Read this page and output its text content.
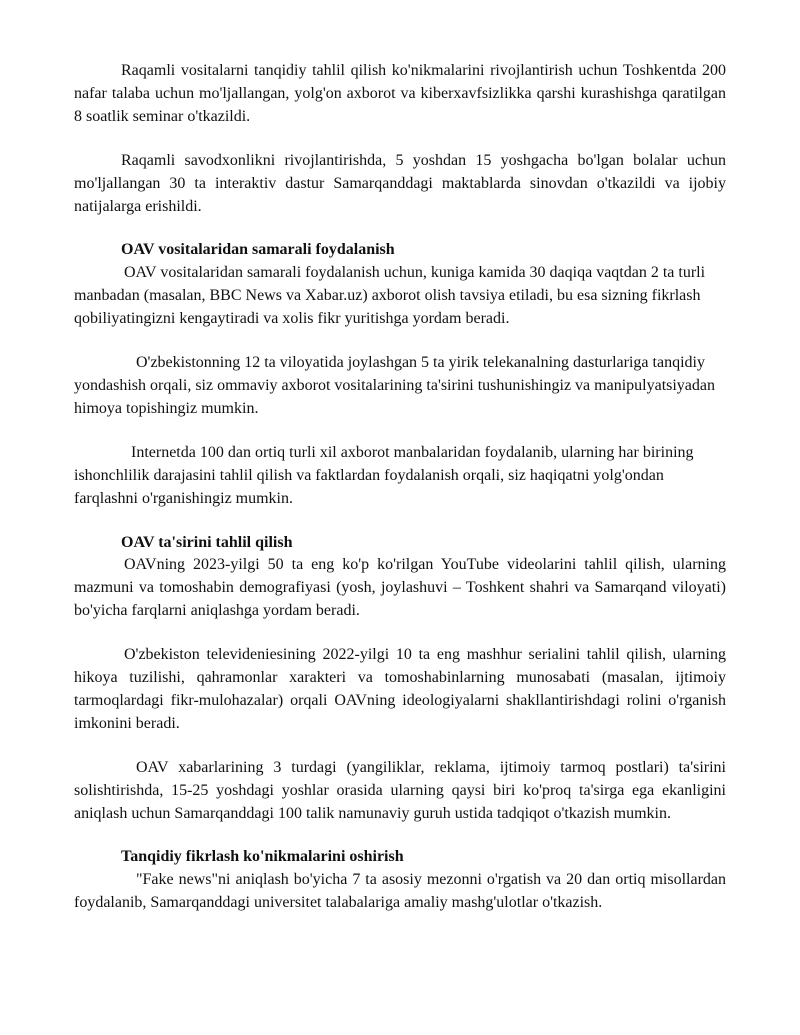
Raqamli vositalarni tanqidiy tahlil qilish ko'nikmalarini rivojlantirish uchun Toshkentda 200 nafar talaba uchun mo'ljallangan, yolg'on axborot va kiberxavfsizlikka qarshi kurashishga qaratilgan 8 soatlik seminar o'tkazildi.

Raqamli savodxonlikni rivojlantirishda, 5 yoshdan 15 yoshgacha bo'lgan bolalar uchun mo'ljallangan 30 ta interaktiv dastur Samarqanddagi maktablarda sinovdan o'tkazildi va ijobiy natijalarga erishildi.

OAV vositalaridan samarali foydalanish

OAV vositalaridan samarali foydalanish uchun, kuniga kamida 30 daqiqa vaqtdan 2 ta turli manbadan (masalan, BBC News va Xabar.uz) axborot olish tavsiya etiladi, bu esa sizning fikrlash qobiliyatingizni kengaytiradi va xolis fikr yuritishga yordam beradi.

O'zbekistonning 12 ta viloyatida joylashgan 5 ta yirik telekanalning dasturlariga tanqidiy yondashish orqali, siz ommaviy axborot vositalarining ta'sirini tushunishingiz va manipulyatsiyadan himoya topishingiz mumkin.

Internetda 100 dan ortiq turli xil axborot manbalaridan foydalanib, ularning har birining ishonchlilik darajasini tahlil qilish va faktlardan foydalanish orqali, siz haqiqatni yolg'ondan farqlashni o'rganishingiz mumkin.

OAV ta'sirini tahlil qilish

OAVning 2023-yilgi 50 ta eng ko'p ko'rilgan YouTube videolarini tahlil qilish, ularning mazmuni va tomoshabin demografiyasi (yosh, joylashuvi – Toshkent shahri va Samarqand viloyati) bo'yicha farqlarni aniqlashga yordam beradi.

O'zbekiston televideniesining 2022-yilgi 10 ta eng mashhur serialini tahlil qilish, ularning hikoya tuzilishi, qahramonlar xarakteri va tomoshabinlarning munosabati (masalan, ijtimoiy tarmoqlardagi fikr-mulohazalar) orqali OAVning ideologiyalarni shakllantirishdagi rolini o'rganish imkonini beradi.

OAV xabarlarining 3 turdagi (yangiliklar, reklama, ijtimoiy tarmoq postlari) ta'sirini solishtirishda, 15-25 yoshdagi yoshlar orasida ularning qaysi biri ko'proq ta'sirga ega ekanligini aniqlash uchun Samarqanddagi 100 talik namunaviy guruh ustida tadqiqot o'tkazish mumkin.

Tanqidiy fikrlash ko'nikmalarini oshirish

"Fake news"ni aniqlash bo'yicha 7 ta asosiy mezonni o'rgatish va 20 dan ortiq misollardan foydalanib, Samarqanddagi universitet talabalariga amaliy mashg'ulotlar o'tkazish.
